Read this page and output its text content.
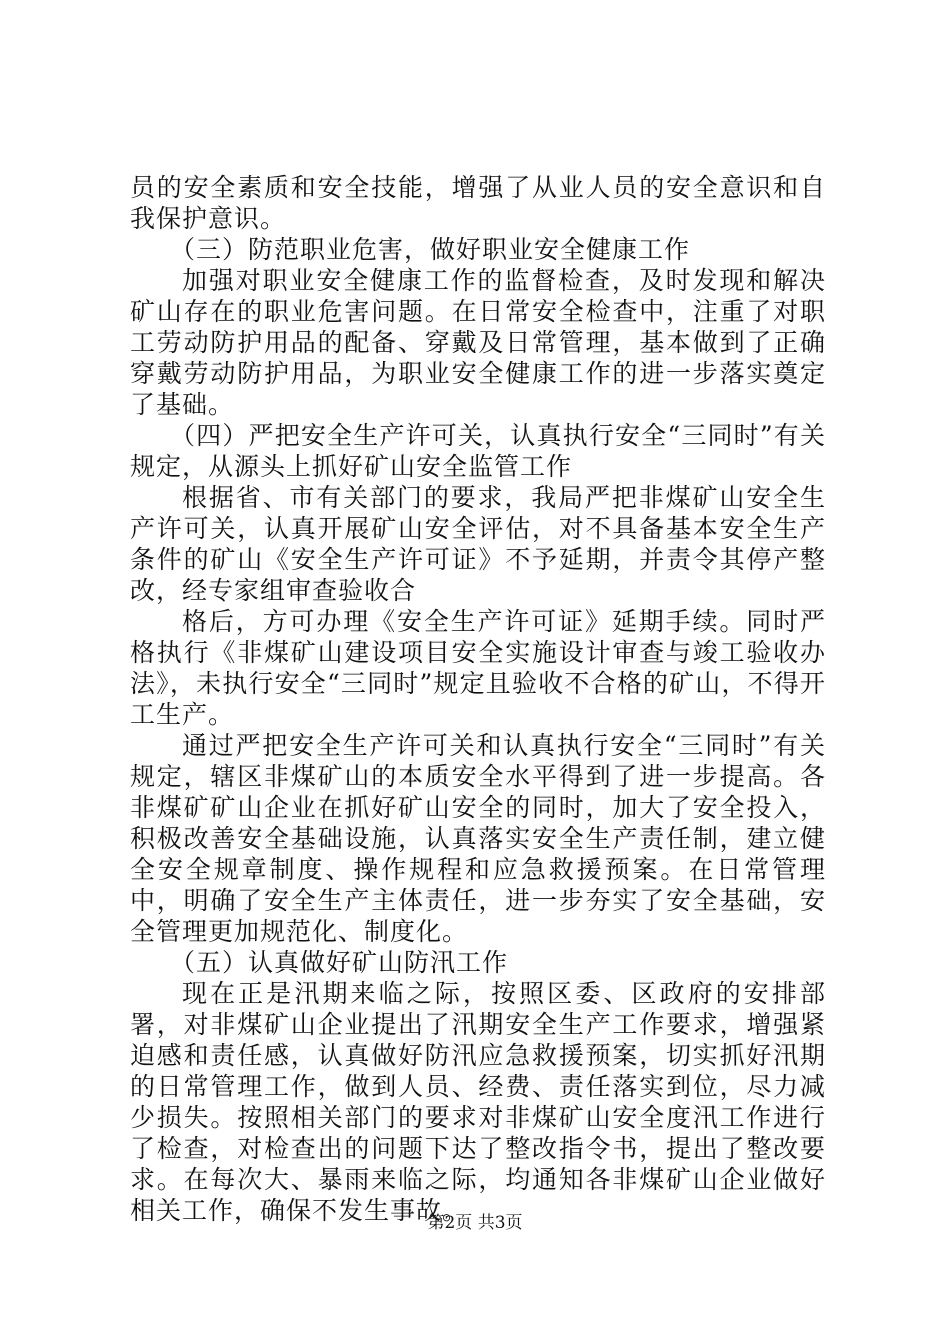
员的安全素质和安全技能，增强了从业人员的安全意识和自我保护意识。

（三）防范职业危害，做好职业安全健康工作

加强对职业安全健康工作的监督检查，及时发现和解决矿山存在的职业危害问题。在日常安全检查中，注重了对职工劳动防护用品的配备、穿戴及日常管理，基本做到了正确穿戴劳动防护用品，为职业安全健康工作的进一步落实奠定了基础。

（四）严把安全生产许可关，认真执行安全“三同时”有关规定，从源头上抓好矿山安全监管工作

根据省、市有关部门的要求，我局严把非煤矿山安全生产许可关，认真开展矿山安全评估，对不具备基本安全生产条件的矿山《安全生产许可证》不予延期，并责令其停产整改，经专家组审查验收合

格后，方可办理《安全生产许可证》延期手续。同时严格执行《非煤矿山建设项目安全实施设计审查与竣工验收办法》，未执行安全“三同时”规定且验收不合格的矿山，不得开工生产。

通过严把安全生产许可关和认真执行安全“三同时”有关规定，辖区非煤矿山的本质安全水平得到了进一步提高。各非煤矿矿山企业在抓好矿山安全的同时，加大了安全投入，积极改善安全基础设施，认真落实安全生产责任制，建立健全安全规章制度、操作规程和应急救援预案。在日常管理中，明确了安全生产主体责任，进一步夯实了安全基础，安全管理更加规范化、制度化。

（五）认真做好矿山防汛工作

现在正是汛期来临之际，按照区委、区政府的安排部署，对非煤矿山企业提出了汛期安全生产工作要求，增强紧迫感和责任感，认真做好防汛应急救援预案，切实抓好汛期的日常管理工作，做到人员、经费、责任落实到位，尽力减少损失。按照相关部门的要求对非煤矿山安全度汛工作进行了检查，对检查出的问题下达了整改指令书，提出了整改要求。在每次大、暴雨来临之际，均通知各非煤矿山企业做好相关工作，确保不发生事故。

第2页 共3页
